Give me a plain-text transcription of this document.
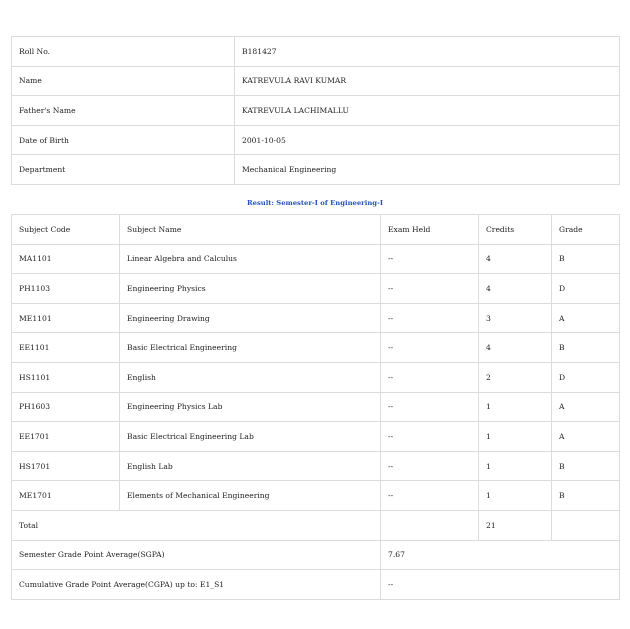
Roll No.	B181427
Name	KATREVULA RAVI KUMAR
Father's Name	KATREVULA LACHIMALLU
Date of Birth	2001-10-05
Department	Mechanical Engineering
Result: Semester-I of Engineering-I
Subject Code	Subject Name	Exam Held	Credits	Grade
MA1101	Linear Algebra and Calculus	--	4	B
PH1103	Engineering Physics	--	4	D
ME1101	Engineering Drawing	--	3	A
EE1101	Basic Electrical Engineering	--	4	B
HS1101	English	--	2	D
PH1603	Engineering Physics Lab	--	1	A
EE1701	Basic Electrical Engineering Lab	--	1	A
HS1701	English Lab	--	1	B
ME1701	Elements of Mechanical Engineering	--	1	B
Total			21	
Semester Grade Point Average(SGPA)		7.67		
Cumulative Grade Point Average(CGPA) up to: E1_S1		--		
